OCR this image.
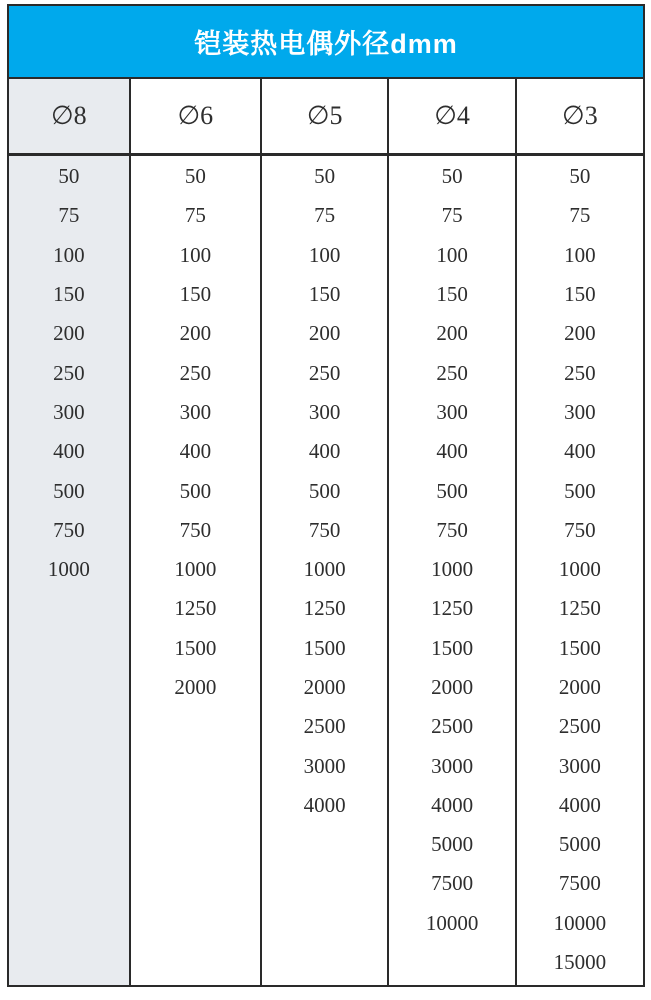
铠装热电偶外径dmm
∅8
50
75
100
150
200
250
300
400
500
750
1000
∅6
50
75
100
150
200
250
300
400
500
750
1000
1250
1500
2000
∅5
50
75
100
150
200
250
300
400
500
750
1000
1250
1500
2000
2500
3000
4000
∅4
50
75
100
150
200
250
300
400
500
750
1000
1250
1500
2000
2500
3000
4000
5000
7500
10000
∅3
50
75
100
150
200
250
300
400
500
750
1000
1250
1500
2000
2500
3000
4000
5000
7500
10000
15000
